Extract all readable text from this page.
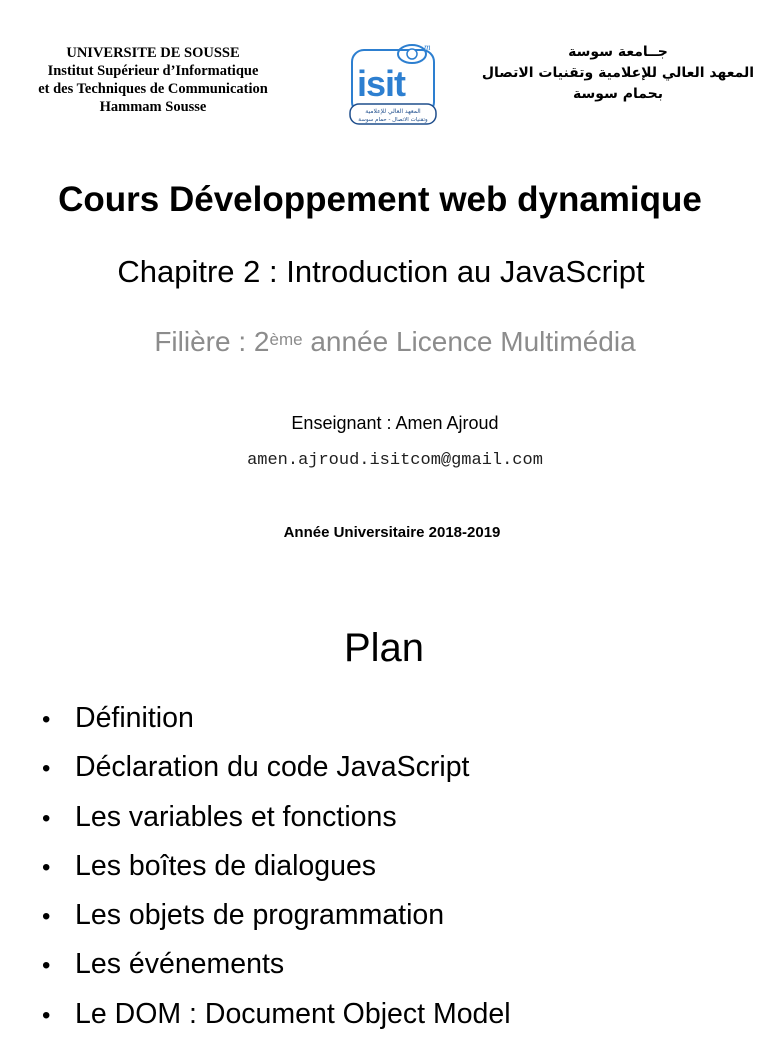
UNIVERSITE DE SOUSSE
Institut Supérieur d’Informatique
et des Techniques de Communication
Hammam Sousse
m
isit
المعهد العالي للإعلامية
وتقنيات الاتصال - حمام سوسة
جــامعة سوسة
المعهد العالي للإعلامية وتقنيات الاتصال
بحمام سوسة
Cours Développement web dynamique
Chapitre 2 : Introduction au JavaScript
Filière : 2ème année Licence Multimédia
Enseignant : Amen Ajroud
amen.ajroud.isitcom@gmail.com
Année Universitaire 2018-2019
Plan
• Définition
• Déclaration du code JavaScript
• Les variables et fonctions
• Les boîtes de dialogues
• Les objets de programmation
• Les événements
• Le DOM : Document Object Model
